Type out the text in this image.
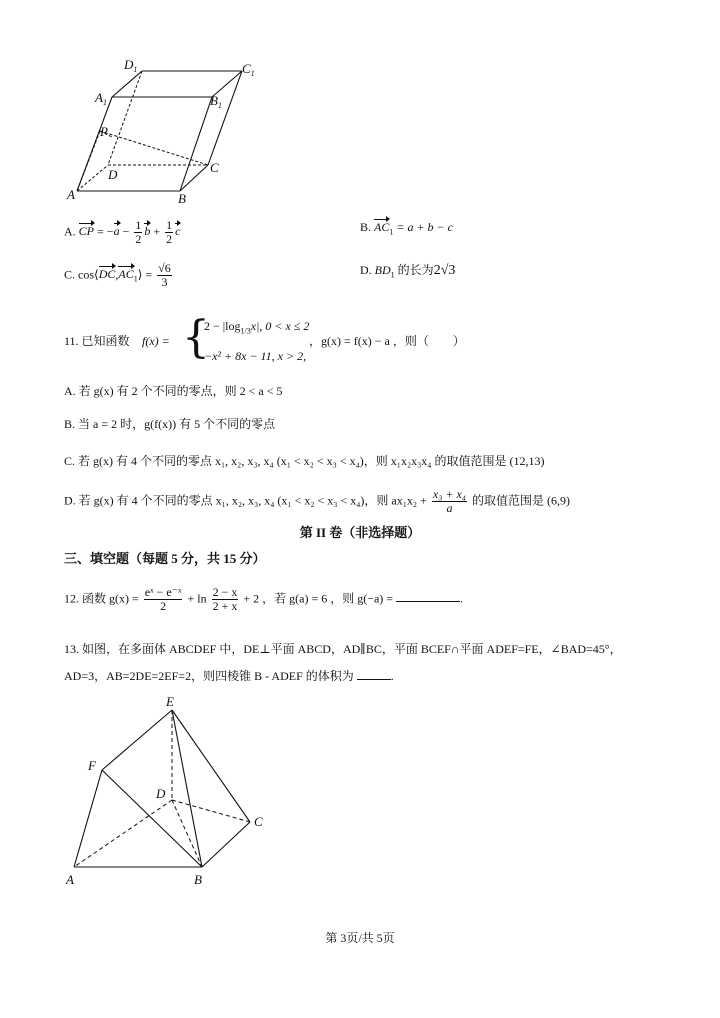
$D_1$	$C_1$
$A_1$	$B_1$
P
D	C
A	B
A. CP = $-a - \frac{1}{2}$ $b + \frac{1}{2}$ c	B. $AC_1 = a + b - c$
C. $\cos⟨DC,AC_1⟩ = \frac{√6}{3}$	D. $BD_1$ 的长为2√3
11. 已知函数 f(x) = {
$2 - |\log_{1/3}x|$, 0 < x ≤ 2
−x² + 8x − 11, x > 2,
，g(x) = f(x) − a ，则（　　）
A. 若 g(x) 有 2 个不同的零点，则 2 < a < 5
B. 当 a = 2 时，g(f(x)) 有 5 个不同的零点
C. 若 g(x) 有 4 个不同的零点 x₁, x₂, x₃, x₄ (x₁ < x₂ < x₃ < x₄)，则 x₁x₂x₃x₄ 的取值范围是 (12,13)
D. 若 g(x) 有 4 个不同的零点 x₁, x₂, x₃, x₄ (x₁ < x₂ < x₃ < x₄)，则 $ax_1x_2 + \frac{\text{x₃ + x₄}}{a}$ 的取值范围是 (6,9)
第 II 卷（非选择题）
三、填空题（每题 5 分，共 15 分）
12. 函数 $g(x) = \frac{\text{eˣ − e⁻ˣ}}{2} + \ln \frac{2 - x}{2 + x} + 2$ ，若 g(a) = 6 ，则 g(−a) =	.
13. 如图，在多面体 ABCDEF 中，DE⊥平面 ABCD，AD∥BC，平面 BCEF∩平面 ADEF=FE，∠BAD=45°，
AD=3，AB=2DE=2EF=2，则四棱锥 B - ADEF 的体积为	.
E
F
D
C
A	B
第 3页/共 5页
